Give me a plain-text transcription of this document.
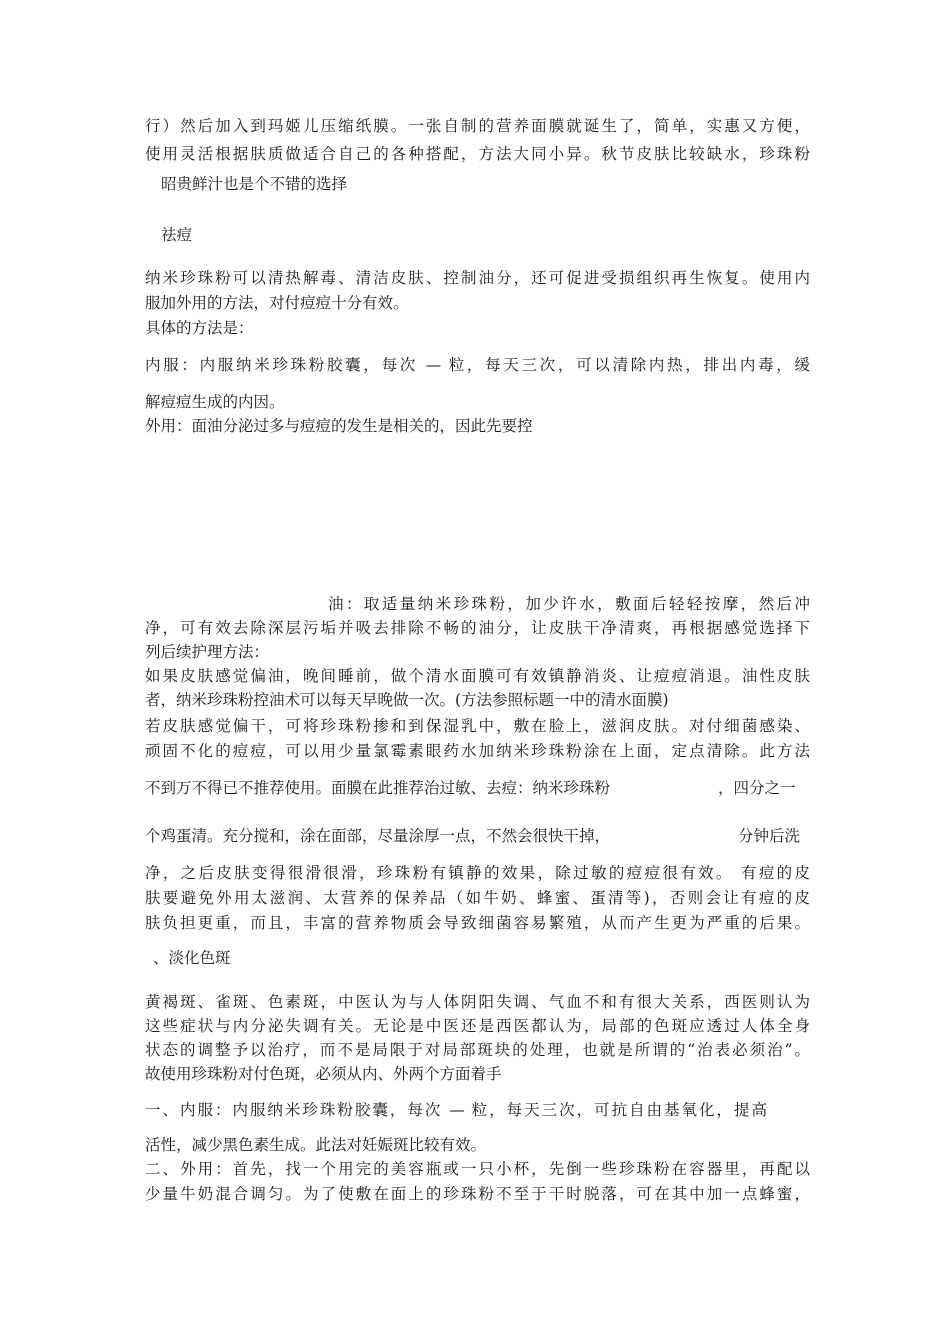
行）然后加入到玛姬儿压缩纸膜。一张自制的营养面膜就诞生了，简单，实惠又方便，
使用灵活根据肤质做适合自己的各种搭配，方法大同小异。秋节皮肤比较缺水，珍珠粉
昭贵鲜汁也是个不错的选择
祛痘
纳米珍珠粉可以清热解毒、清洁皮肤、控制油分，还可促进受损组织再生恢复。使用内
服加外用的方法，对付痘痘十分有效。
具体的方法是：
内服：内服纳米珍珠粉胶囊，每次 — 粒，每天三次，可以清除内热，排出内毒，缓
解痘痘生成的内因。
外用：面油分泌过多与痘痘的发生是相关的，因此先要控
油：取适量纳米珍珠粉，加少许水，敷面后轻轻按摩，然后冲
净，可有效去除深层污垢并吸去排除不畅的油分，让皮肤干净清爽，再根据感觉选择下
列后续护理方法：
如果皮肤感觉偏油，晚间睡前，做个清水面膜可有效镇静消炎、让痘痘消退。油性皮肤
者，纳米珍珠粉控油术可以每天早晚做一次。(方法参照标题一中的清水面膜)
若皮肤感觉偏干，可将珍珠粉掺和到保湿乳中，敷在脸上，滋润皮肤。对付细菌感染、
顽固不化的痘痘，可以用少量氯霉素眼药水加纳米珍珠粉涂在上面，定点清除。此方法
不到万不得已不推荐使用。面膜在此推荐治过敏、去痘：纳米珍珠粉	，四分之一
个鸡蛋清。充分搅和，涂在面部，尽量涂厚一点，不然会很快干掉，	分钟后洗
净，之后皮肤变得很滑很滑，珍珠粉有镇静的效果，除过敏的痘痘很有效。 有痘的皮
肤要避免外用太滋润、太营养的保养品（如牛奶、蜂蜜、蛋清等)，否则会让有痘的皮
肤负担更重，而且，丰富的营养物质会导致细菌容易繁殖，从而产生更为严重的后果。
、淡化色斑
黄褐斑、雀斑、色素斑，中医认为与人体阴阳失调、气血不和有很大关系，西医则认为
这些症状与内分泌失调有关。无论是中医还是西医都认为，局部的色斑应透过人体全身
状态的调整予以治疗，而不是局限于对局部斑块的处理，也就是所谓的“治表必须治”。
故使用珍珠粉对付色斑，必须从内、外两个方面着手
一、内服：内服纳米珍珠粉胶囊，每次 — 粒，每天三次，可抗自由基氧化，提高
活性，减少黑色素生成。此法对妊娠斑比较有效。
二、外用：首先，找一个用完的美容瓶或一只小杯，先倒一些珍珠粉在容器里，再配以
少量牛奶混合调匀。为了使敷在面上的珍珠粉不至于干时脱落，可在其中加一点蜂蜜，
